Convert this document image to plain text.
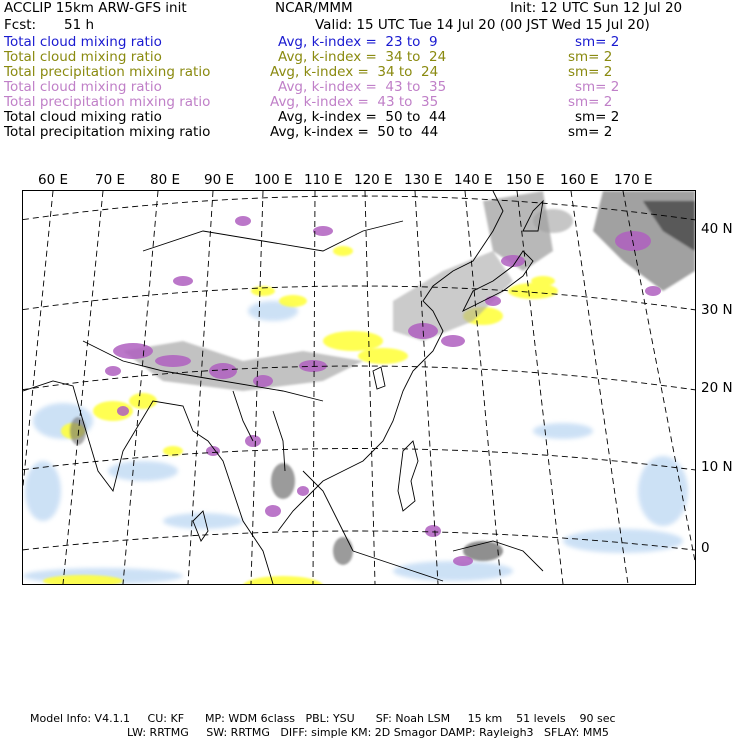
ACCLIP 15km ARW-GFS init	NCAR/MMM	Init: 12 UTC Sun 12 Jul 20
Fcst: 51 h	Valid: 15 UTC Tue 14 Jul 20 (00 JST Wed 15 Jul 20)
Total cloud mixing ratio	Avg, k-index =  23 to  9	sm= 2
Total cloud mixing ratio	Avg, k-index =  34 to  24	sm= 2
Total precipitation mixing ratio	Avg, k-index =  34 to  24	sm= 2
Total cloud mixing ratio	Avg, k-index =  43 to  35	sm= 2
Total precipitation mixing ratio	Avg, k-index =  43 to  35	sm= 2
Total cloud mixing ratio	Avg, k-index =  50 to  44	sm= 2
Total precipitation mixing ratio	Avg, k-index =  50 to  44	sm= 2
60 E 70 E 80 E 90 E 100 E 110 E 120 E 130 E 140 E 150 E 160 E 170 E
40 N
30 N
20 N
10 N
0
Model Info: V4.1.1     CU: KF      MP: WDM 6class   PBL: YSU      SF: Noah LSM     15 km    51 levels    90 sec
LW: RRTMG     SW: RRTMG   DIFF: simple KM: 2D Smagor DAMP: Rayleigh3   SFLAY: MM5
